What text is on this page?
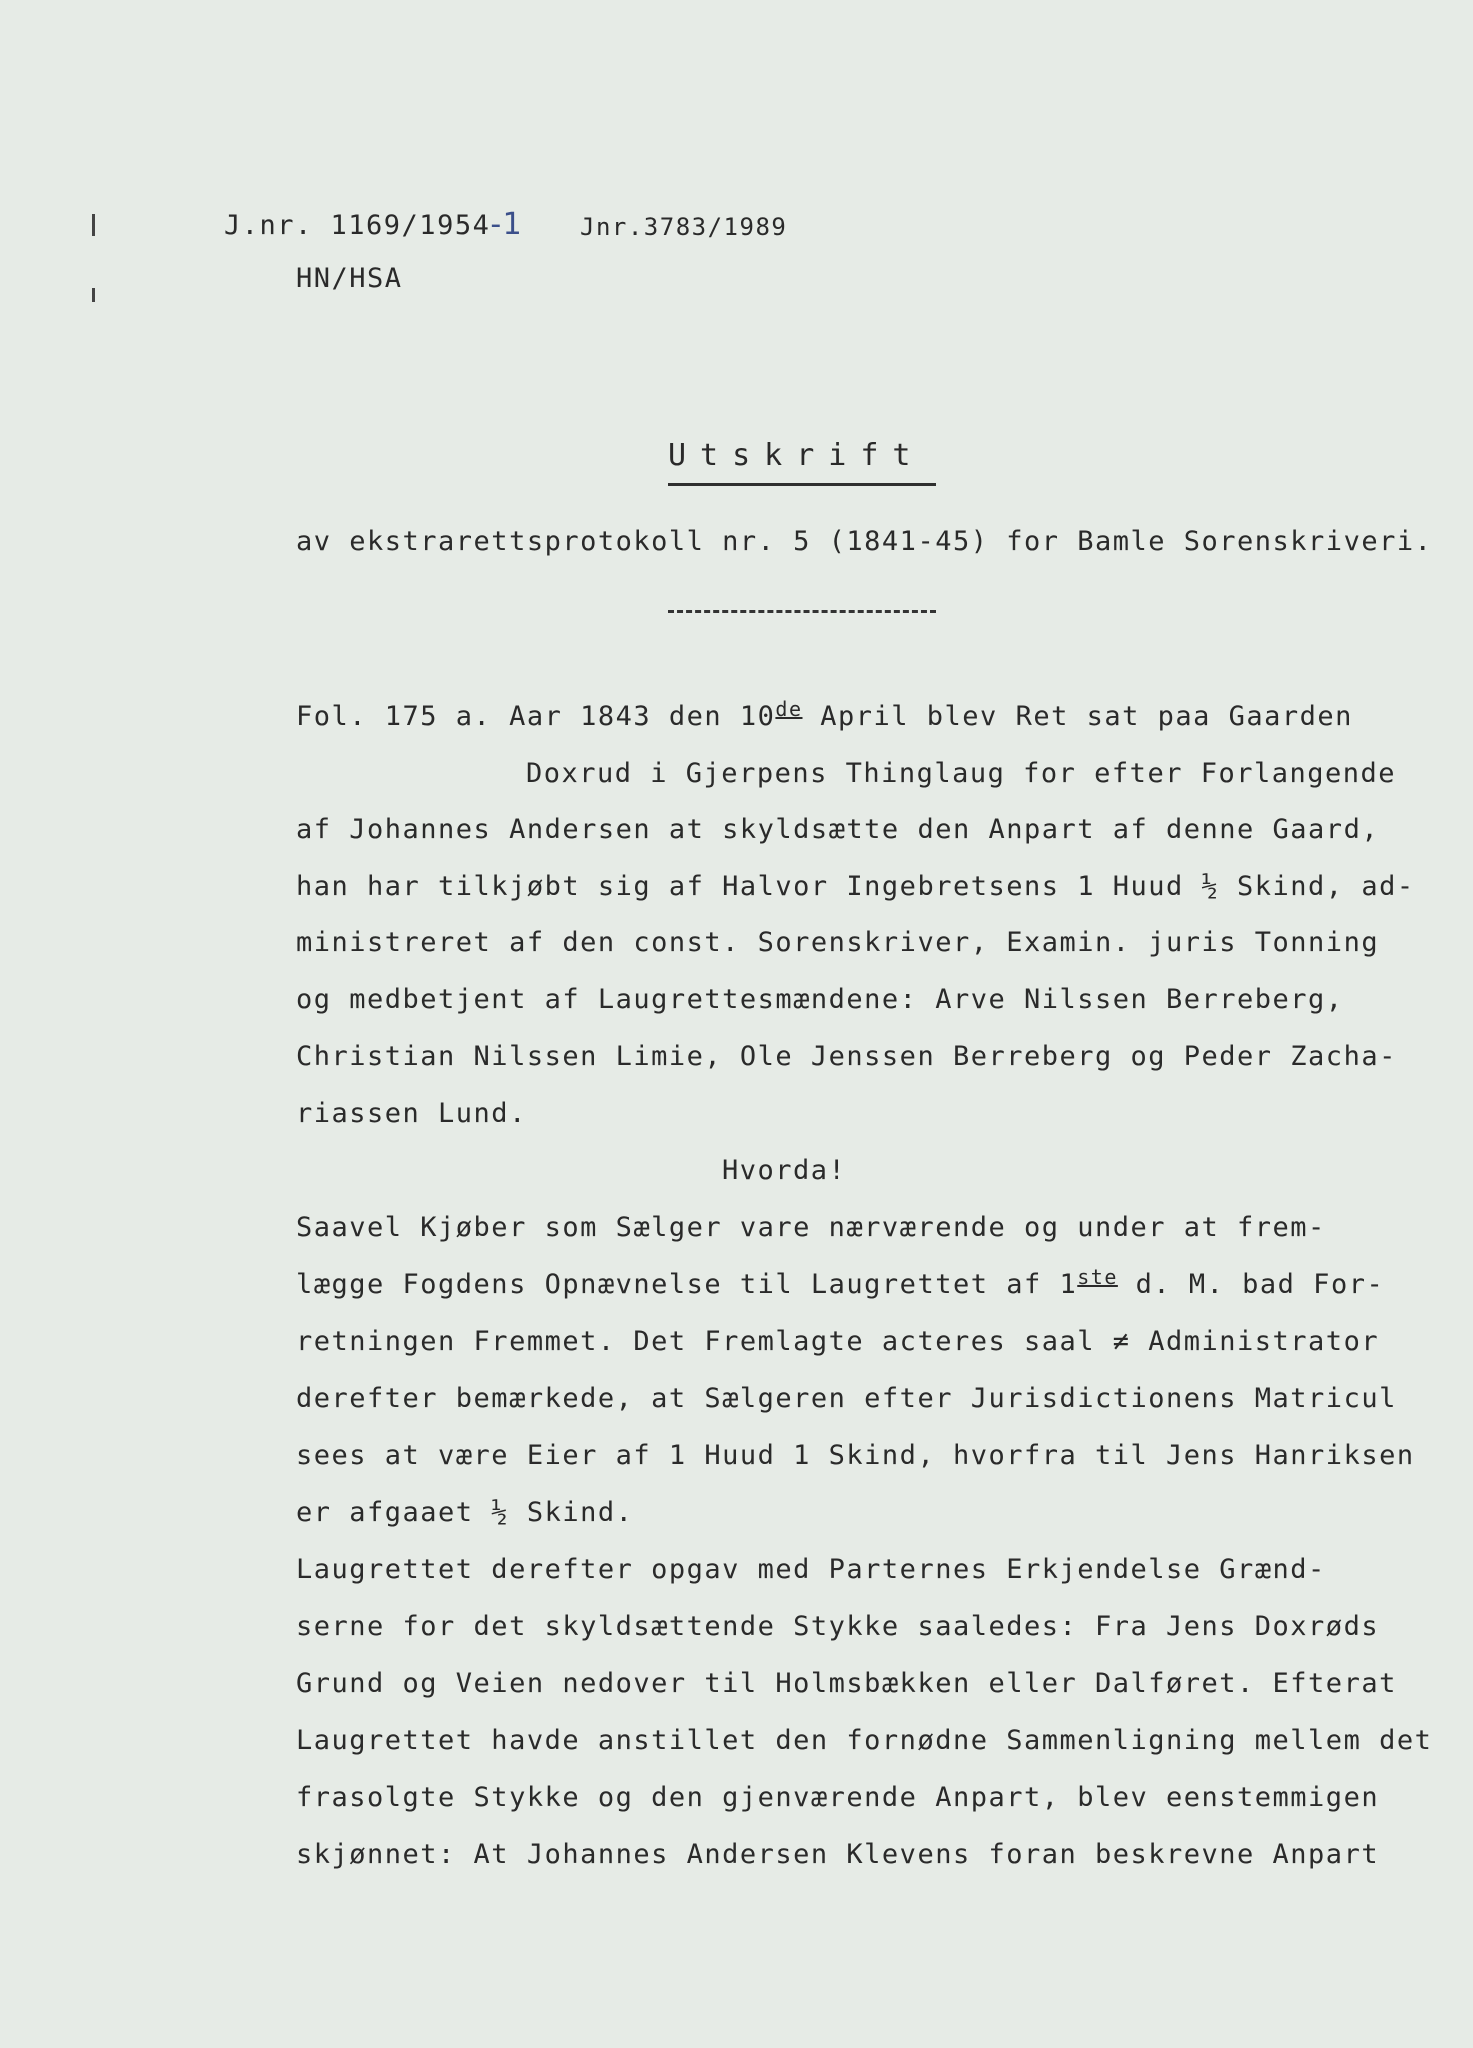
J.nr. 1169/1954-1 Jnr.3783/1989
HN/HSA
Utskrift
av ekstrarettsprotokoll nr. 5 (1841-45) for Bamle Sorenskriveri.
Fol. 175 a. Aar 1843 den 10de April blev Ret sat paa Gaarden
Doxrud i Gjerpens Thinglaug for efter Forlangende
af Johannes Andersen at skyldsætte den Anpart af denne Gaard,
han har tilkjøbt sig af Halvor Ingebretsens 1 Huud ½ Skind, ad-
ministreret af den const. Sorenskriver, Examin. juris Tonning
og medbetjent af Laugrettesmændene: Arve Nilssen Berreberg,
Christian Nilssen Limie, Ole Jenssen Berreberg og Peder Zacha-
riassen Lund.
Hvorda!
Saavel Kjøber som Sælger vare nærværende og under at frem-
lægge Fogdens Opnævnelse til Laugrettet af 1ste d. M. bad For-
retningen Fremmet. Det Fremlagte acteres saal ≠ Administrator
derefter bemærkede, at Sælgeren efter Jurisdictionens Matricul
sees at være Eier af 1 Huud 1 Skind, hvorfra til Jens Hanriksen
er afgaaet ½ Skind.
Laugrettet derefter opgav med Parternes Erkjendelse Grænd-
serne for det skyldsættende Stykke saaledes: Fra Jens Doxrøds
Grund og Veien nedover til Holmsbækken eller Dalføret. Efterat
Laugrettet havde anstillet den fornødne Sammenligning mellem det
frasolgte Stykke og den gjenværende Anpart, blev eenstemmigen
skjønnet: At Johannes Andersen Klevens foran beskrevne Anpart
